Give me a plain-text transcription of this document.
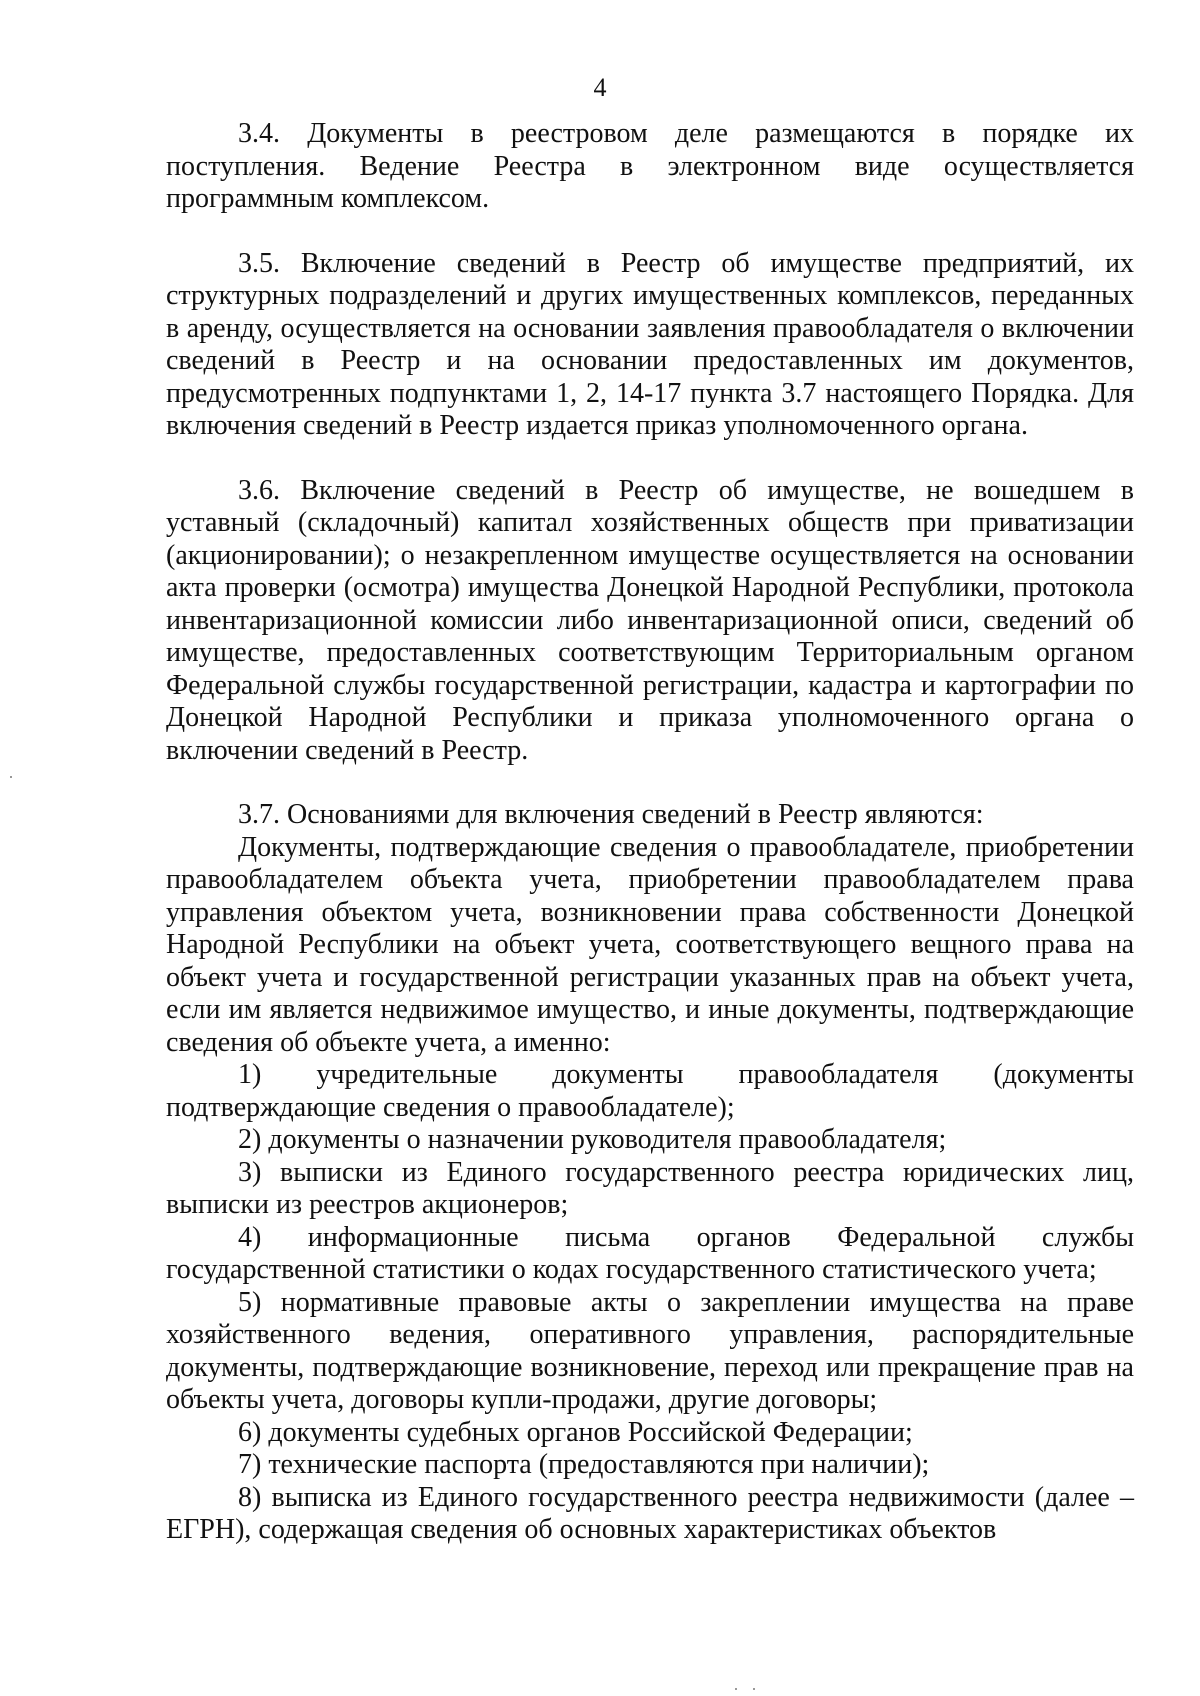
4

3.4. Документы в реестровом деле размещаются в порядке их поступления. Ведение Реестра в электронном виде осуществляется программным комплексом.

3.5. Включение сведений в Реестр об имуществе предприятий, их структурных подразделений и других имущественных комплексов, переданных в аренду, осуществляется на основании заявления правообладателя о включении сведений в Реестр и на основании предоставленных им документов, предусмотренных подпунктами 1, 2, 14-17 пункта 3.7 настоящего Порядка. Для включения сведений в Реестр издается приказ уполномоченного органа.

3.6. Включение сведений в Реестр об имуществе, не вошедшем в уставный (складочный) капитал хозяйственных обществ при приватизации (акционировании); о незакрепленном имуществе осуществляется на основании акта проверки (осмотра) имущества Донецкой Народной Республики, протокола инвентаризационной комиссии либо инвентаризационной описи, сведений об имуществе, предоставленных соответствующим Территориальным органом Федеральной службы государственной регистрации, кадастра и картографии по Донецкой Народной Республики и приказа уполномоченного органа о включении сведений в Реестр.

3.7. Основаниями для включения сведений в Реестр являются:

Документы, подтверждающие сведения о правообладателе, приобретении правообладателем объекта учета, приобретении правообладателем права управления объектом учета, возникновении права собственности Донецкой Народной Республики на объект учета, соответствующего вещного права на объект учета и государственной регистрации указанных прав на объект учета, если им является недвижимое имущество, и иные документы, подтверждающие сведения об объекте учета, а именно:

1) учредительные документы правообладателя (документы подтверждающие сведения о правообладателе);

2) документы о назначении руководителя правообладателя;

3) выписки из Единого государственного реестра юридических лиц, выписки из реестров акционеров;

4) информационные письма органов Федеральной службы государственной статистики о кодах государственного статистического учета;

5) нормативные правовые акты о закреплении имущества на праве хозяйственного ведения, оперативного управления, распорядительные документы, подтверждающие возникновение, переход или прекращение прав на объекты учета, договоры купли-продажи, другие договоры;

6) документы судебных органов Российской Федерации;

7) технические паспорта (предоставляются при наличии);

8) выписка из Единого государственного реестра недвижимости (далее – ЕГРН), содержащая сведения об основных характеристиках объектов
